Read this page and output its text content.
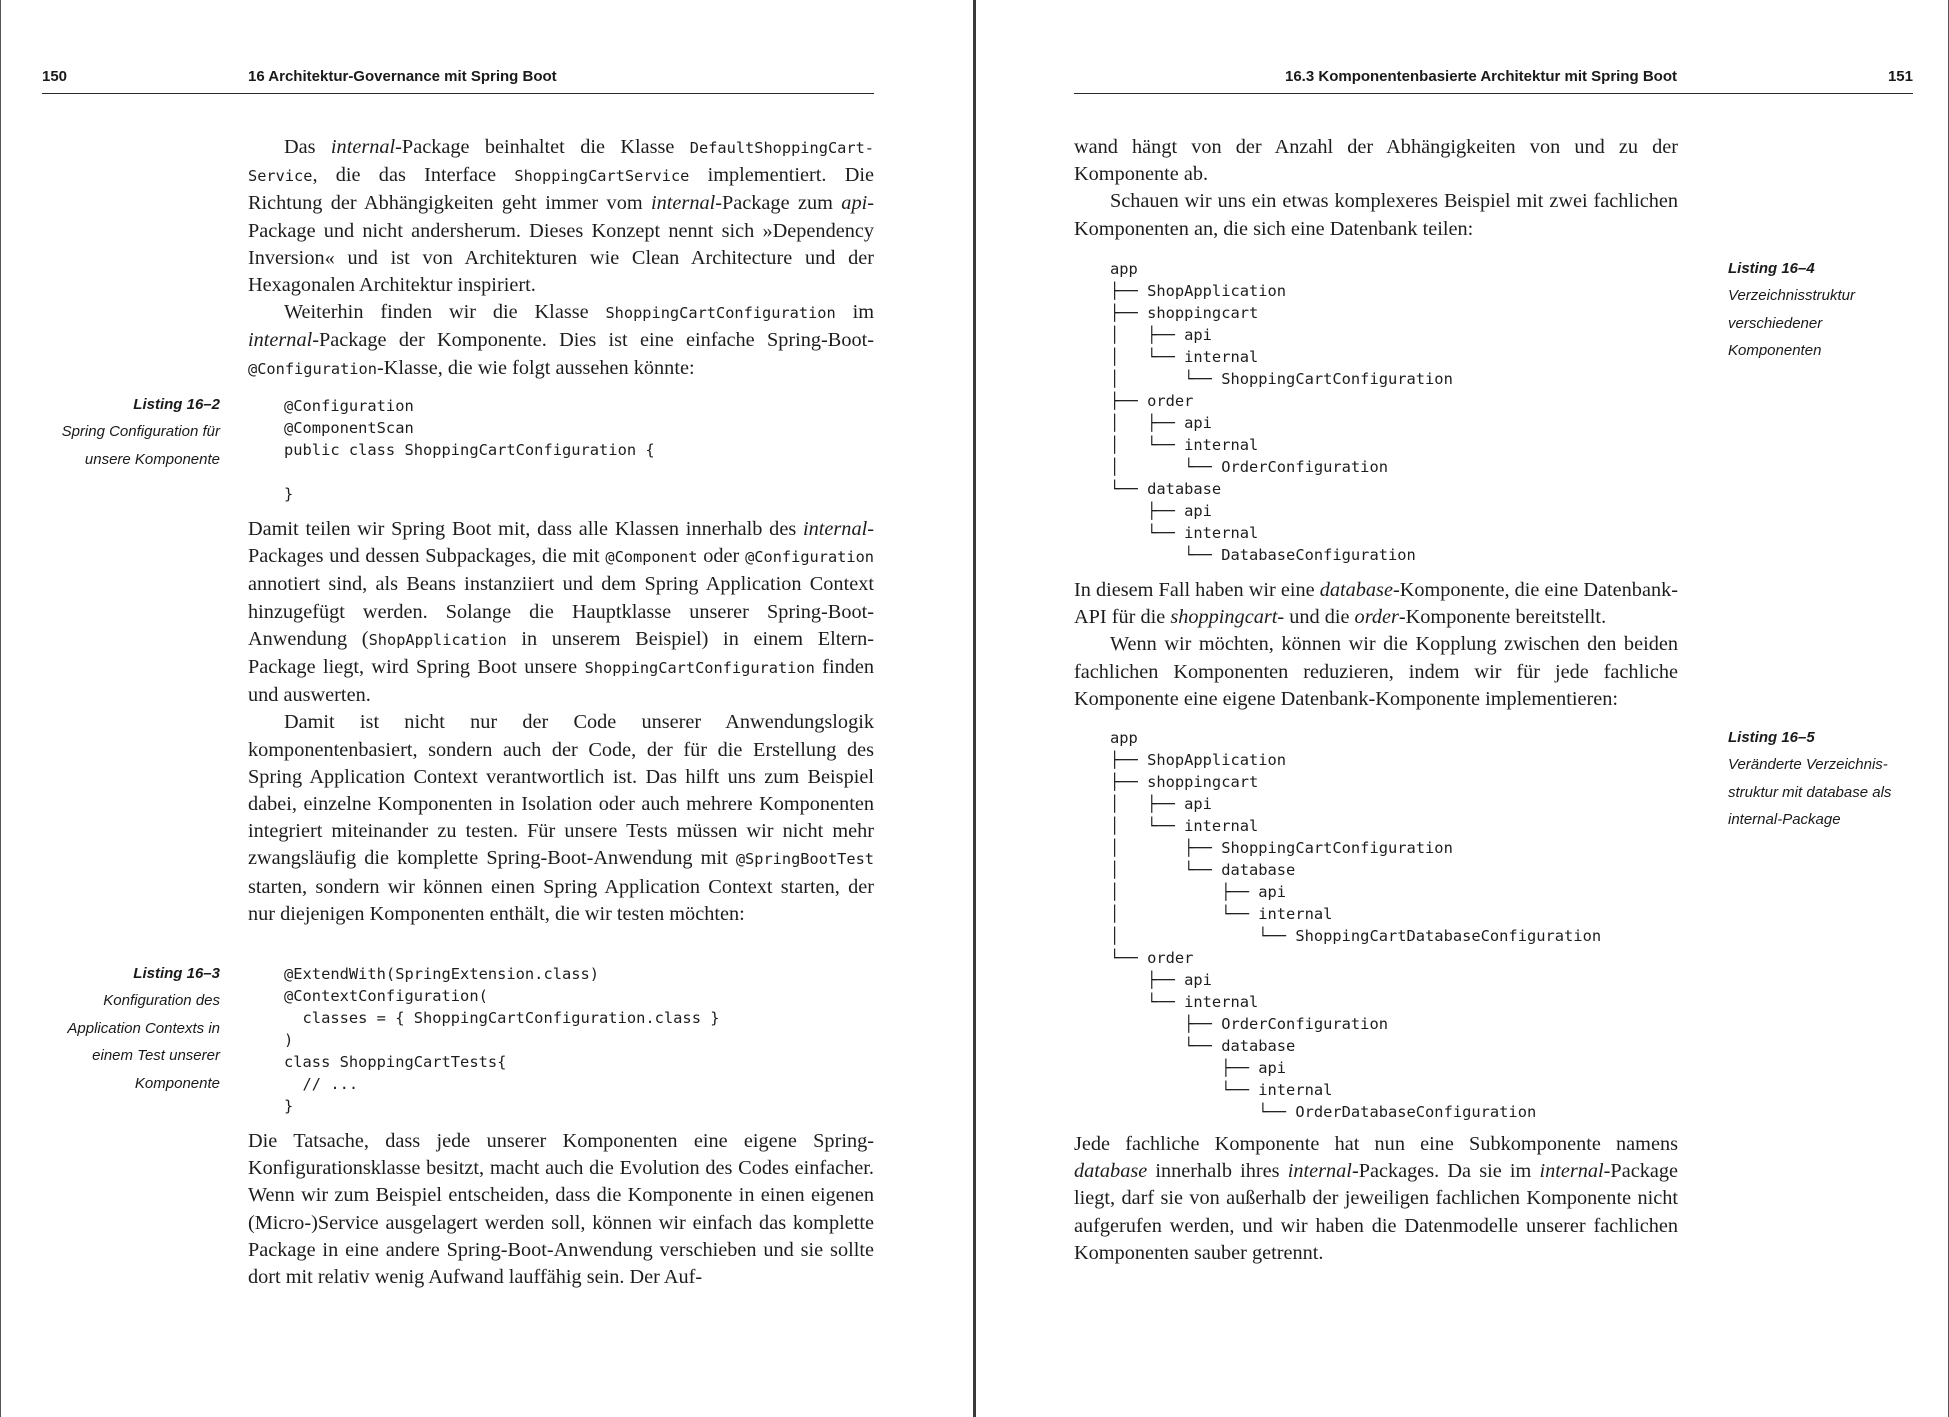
150	16 Architektur-Governance mit Spring Boot

Das internal-Package beinhaltet die Klasse DefaultShoppingCart-Service, die das Interface ShoppingCartService implementiert. Die Richtung der Abhängigkeiten geht immer vom internal-Package zum api-Package und nicht andersherum. Dieses Konzept nennt sich »Dependency Inversion« und ist von Architekturen wie Clean Architecture und der Hexagonalen Architektur inspiriert.

Weiterhin finden wir die Klasse ShoppingCartConfiguration im internal-Package der Komponente. Dies ist eine einfache Spring-Boot-@Configuration-Klasse, die wie folgt aussehen könnte:

Listing 16–2
Spring Configuration für
unsere Komponente
@Configuration
@ComponentScan
public class ShoppingCartConfiguration {

}

Damit teilen wir Spring Boot mit, dass alle Klassen innerhalb des internal-Packages und dessen Subpackages, die mit @Component oder @Configuration annotiert sind, als Beans instanziiert und dem Spring Application Context hinzugefügt werden. Solange die Hauptklasse unserer Spring-Boot-Anwendung (ShopApplication in unserem Beispiel) in einem Eltern-Package liegt, wird Spring Boot unsere ShoppingCartConfiguration finden und auswerten.

Damit ist nicht nur der Code unserer Anwendungslogik komponentenbasiert, sondern auch der Code, der für die Erstellung des Spring Application Context verantwortlich ist. Das hilft uns zum Beispiel dabei, einzelne Komponenten in Isolation oder auch mehrere Komponenten integriert miteinander zu testen. Für unsere Tests müssen wir nicht mehr zwangsläufig die komplette Spring-Boot-Anwendung mit @SpringBootTest starten, sondern wir können einen Spring Application Context starten, der nur diejenigen Komponenten enthält, die wir testen möchten:

Listing 16–3
Konfiguration des
Application Contexts in
einem Test unserer
Komponente
@ExtendWith(SpringExtension.class)
@ContextConfiguration(
classes = { ShoppingCartConfiguration.class }
)
class ShoppingCartTests{
// ...
}

Die Tatsache, dass jede unserer Komponenten eine eigene Spring-Konfigurationsklasse besitzt, macht auch die Evolution des Codes einfacher. Wenn wir zum Beispiel entscheiden, dass die Komponente in einen eigenen (Micro-)Service ausgelagert werden soll, können wir einfach das komplette Package in eine andere Spring-Boot-Anwendung verschieben und sie sollte dort mit relativ wenig Aufwand lauffähig sein. Der Auf-

16.3 Komponentenbasierte Architektur mit Spring Boot	151

wand hängt von der Anzahl der Abhängigkeiten von und zu der Komponente ab.

Schauen wir uns ein etwas komplexeres Beispiel mit zwei fachlichen Komponenten an, die sich eine Datenbank teilen:

app
├── ShopApplication
├── shoppingcart
│   ├── api
│   └── internal
│       └── ShoppingCartConfiguration
├── order
│   ├── api
│   └── internal
│       └── OrderConfiguration
└── database
├── api
└── internal
└── DatabaseConfiguration
Listing 16–4
Verzeichnisstruktur
verschiedener
Komponenten

In diesem Fall haben wir eine database-Komponente, die eine Datenbank-API für die shoppingcart- und die order-Komponente bereitstellt.

Wenn wir möchten, können wir die Kopplung zwischen den beiden fachlichen Komponenten reduzieren, indem wir für jede fachliche Komponente eine eigene Datenbank-Komponente implementieren:

app
├── ShopApplication
├── shoppingcart
│   ├── api
│   └── internal
│       ├── ShoppingCartConfiguration
│       └── database
│           ├── api
│           └── internal
│               └── ShoppingCartDatabaseConfiguration
└── order
├── api
└── internal
├── OrderConfiguration
└── database
├── api
└── internal
└── OrderDatabaseConfiguration
Listing 16–5
Veränderte Verzeichnis-
struktur mit database als
internal-Package

Jede fachliche Komponente hat nun eine Subkomponente namens database innerhalb ihres internal-Packages. Da sie im internal-Package liegt, darf sie von außerhalb der jeweiligen fachlichen Komponente nicht aufgerufen werden, und wir haben die Datenmodelle unserer fachlichen Komponenten sauber getrennt.
